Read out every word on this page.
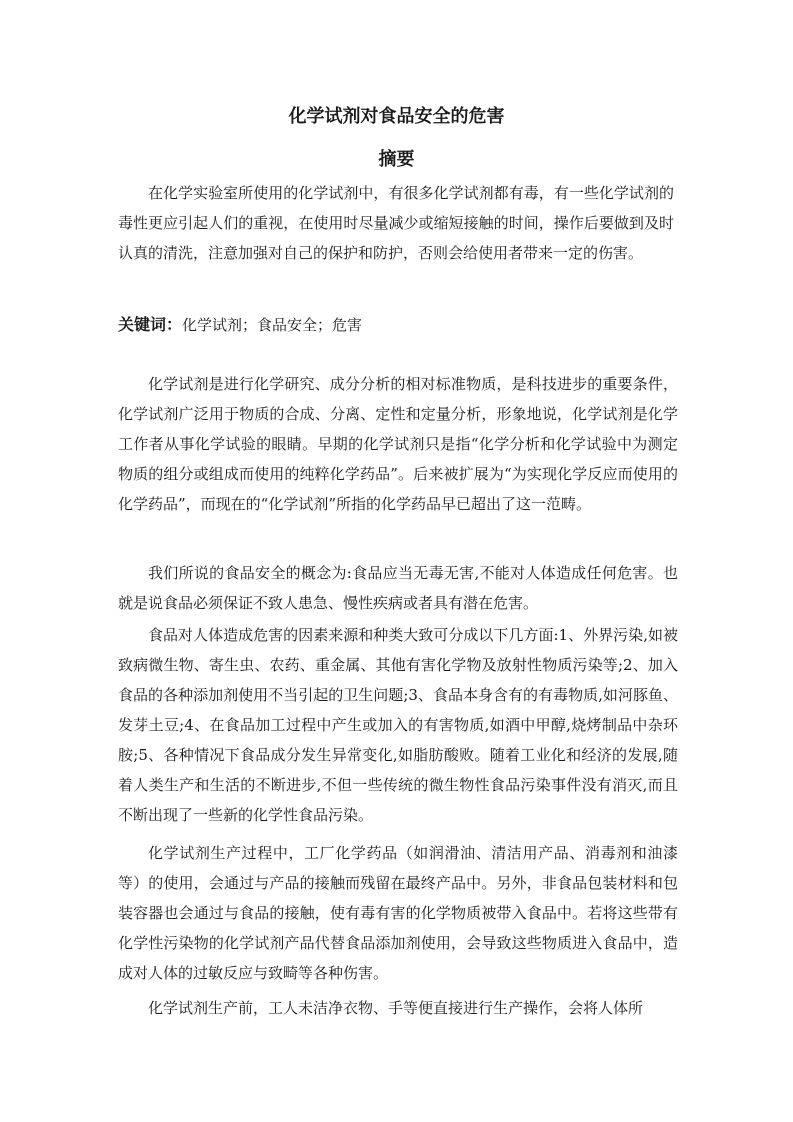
化学试剂对食品安全的危害
摘要

在化学实验室所使用的化学试剂中，有很多化学试剂都有毒，有一些化学试剂的毒性更应引起人们的重视，在使用时尽量减少或缩短接触的时间，操作后要做到及时认真的清洗，注意加强对自己的保护和防护，否则会给使用者带来一定的伤害。

关键词：化学试剂；食品安全；危害

化学试剂是进行化学研究、成分分析的相对标准物质，是科技进步的重要条件，化学试剂广泛用于物质的合成、分离、定性和定量分析，形象地说，化学试剂是化学工作者从事化学试验的眼睛。早期的化学试剂只是指“化学分析和化学试验中为测定物质的组分或组成而使用的纯粹化学药品”。后来被扩展为“为实现化学反应而使用的化学药品”，而现在的“化学试剂”所指的化学药品早已超出了这一范畴。

我们所说的食品安全的概念为:食品应当无毒无害,不能对人体造成任何危害。也就是说食品必须保证不致人患急、慢性疾病或者具有潜在危害。

食品对人体造成危害的因素来源和种类大致可分成以下几方面:1、外界污染,如被致病微生物、寄生虫、农药、重金属、其他有害化学物及放射性物质污染等;2、加入食品的各种添加剂使用不当引起的卫生问题;3、食品本身含有的有毒物质,如河豚鱼、发芽土豆;4、在食品加工过程中产生或加入的有害物质,如酒中甲醇,烧烤制品中杂环胺;5、各种情况下食品成分发生异常变化,如脂肪酸败。随着工业化和经济的发展,随着人类生产和生活的不断进步,不但一些传统的微生物性食品污染事件没有消灭,而且不断出现了一些新的化学性食品污染。

化学试剂生产过程中，工厂化学药品（如润滑油、清洁用产品、消毒剂和油漆等）的使用，会通过与产品的接触而残留在最终产品中。另外，非食品包装材料和包装容器也会通过与食品的接触，使有毒有害的化学物质被带入食品中。若将这些带有化学性污染物的化学试剂产品代替食品添加剂使用，会导致这些物质进入食品中，造成对人体的过敏反应与致畸等各种伤害。

化学试剂生产前，工人未洁净衣物、手等便直接进行生产操作，会将人体所
